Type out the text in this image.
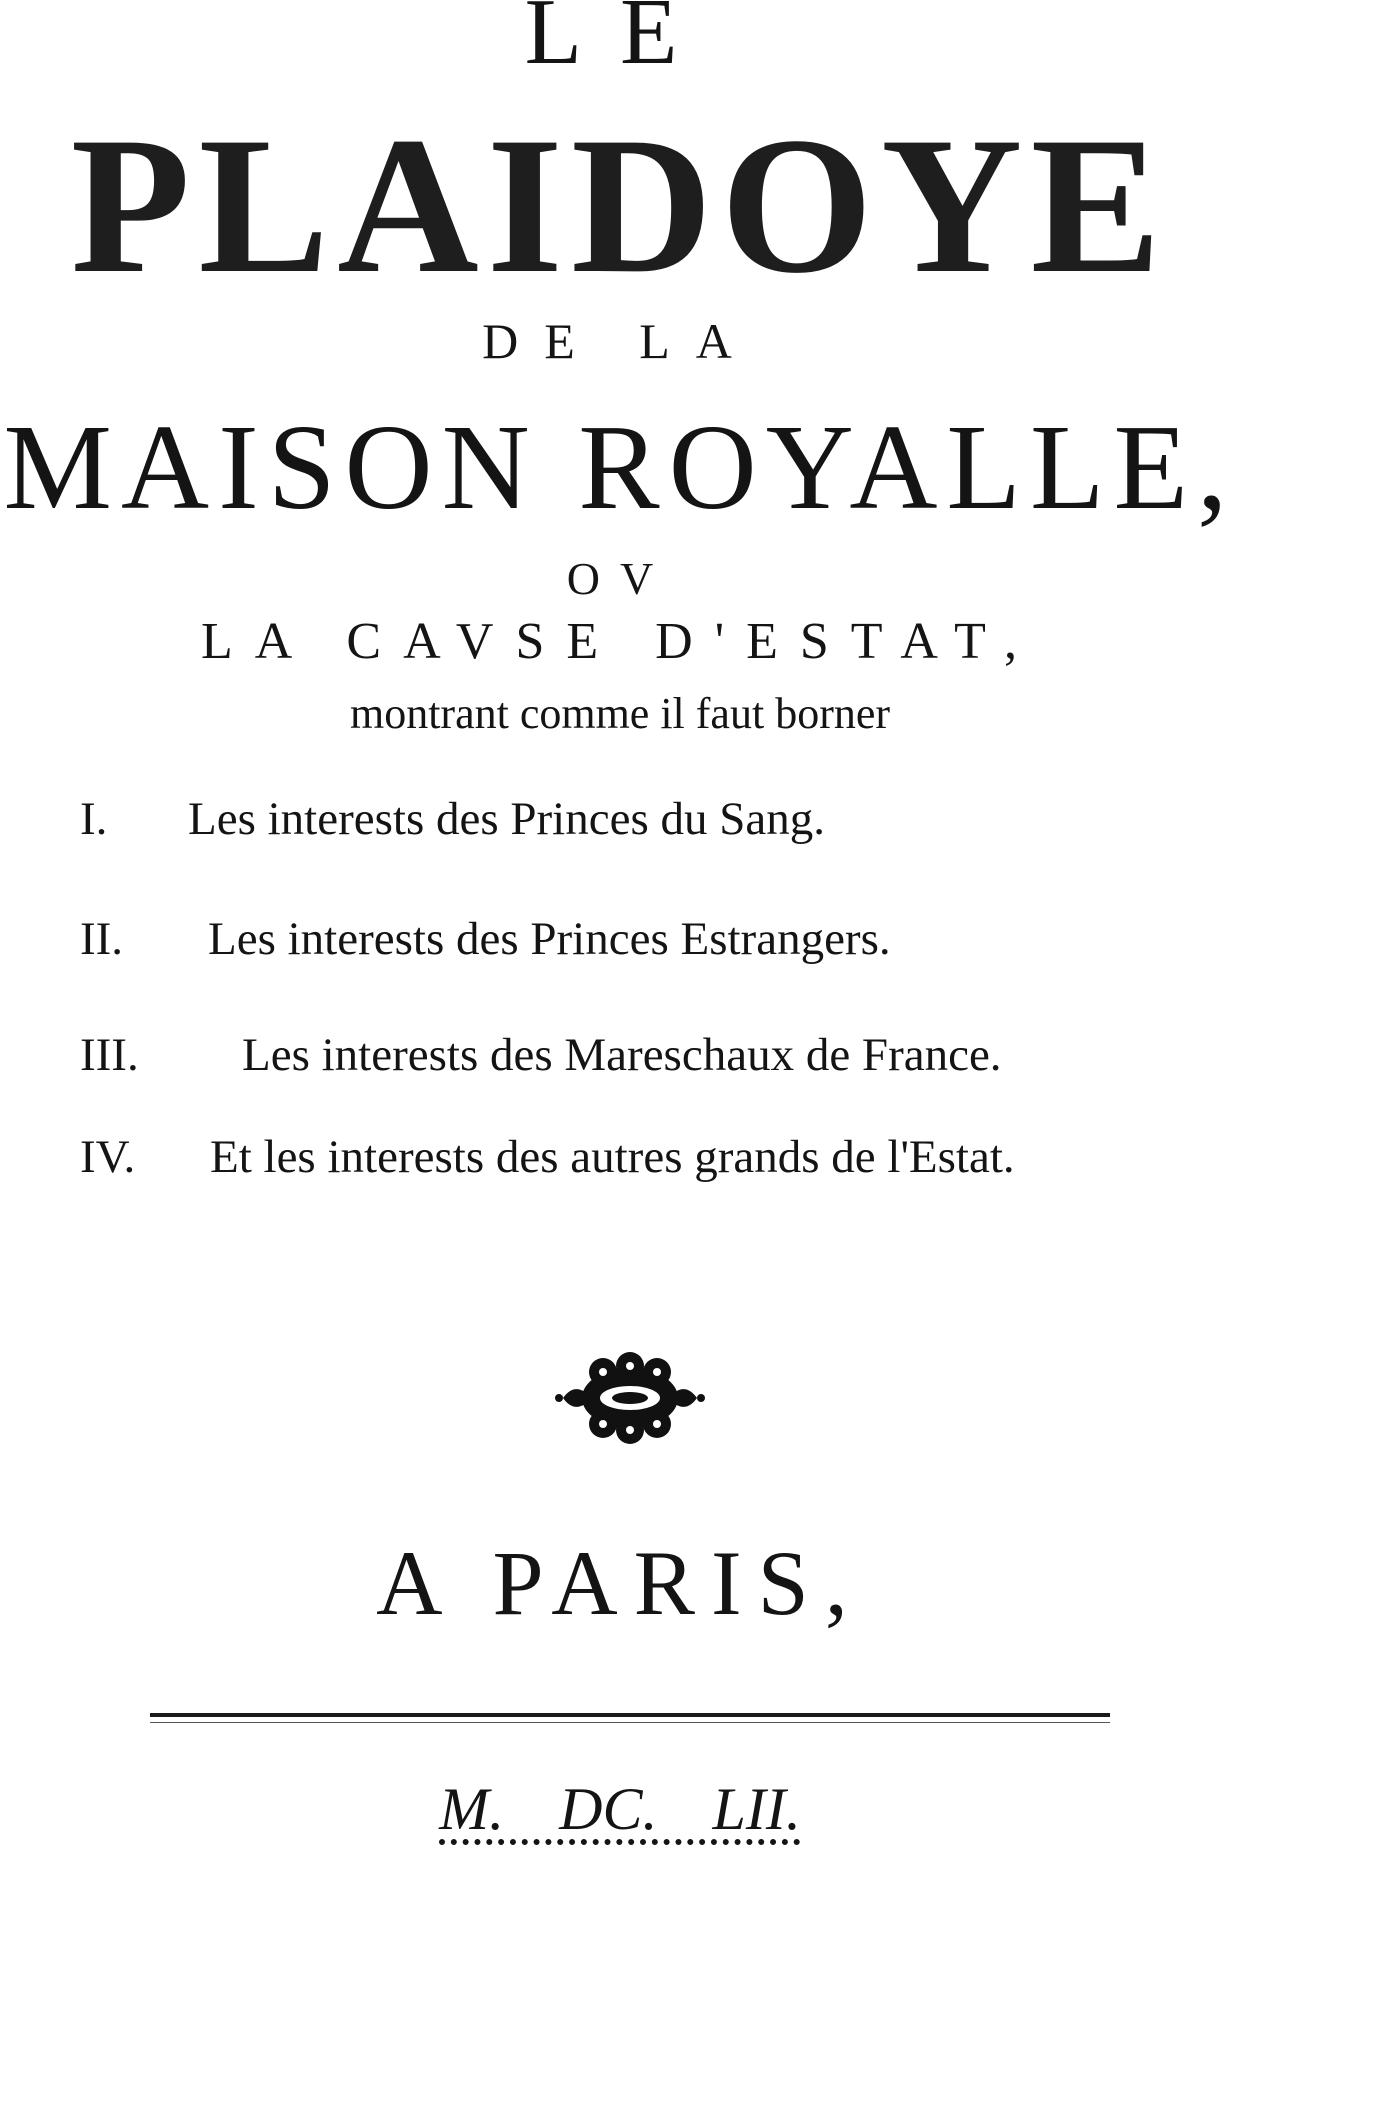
LE
PLAIDOYE
DE LA
MAISON ROYALLE,
OV
LA CAVSE D'ESTAT,
montrant comme il faut borner
I. Les interests des Princes du Sang.
II. Les interests des Princes Estrangers.
III. Les interests des Mareschaux de France.
IV. Et les interests des autres grands de l'Estat.
A PARIS,
M. DC. LII.
